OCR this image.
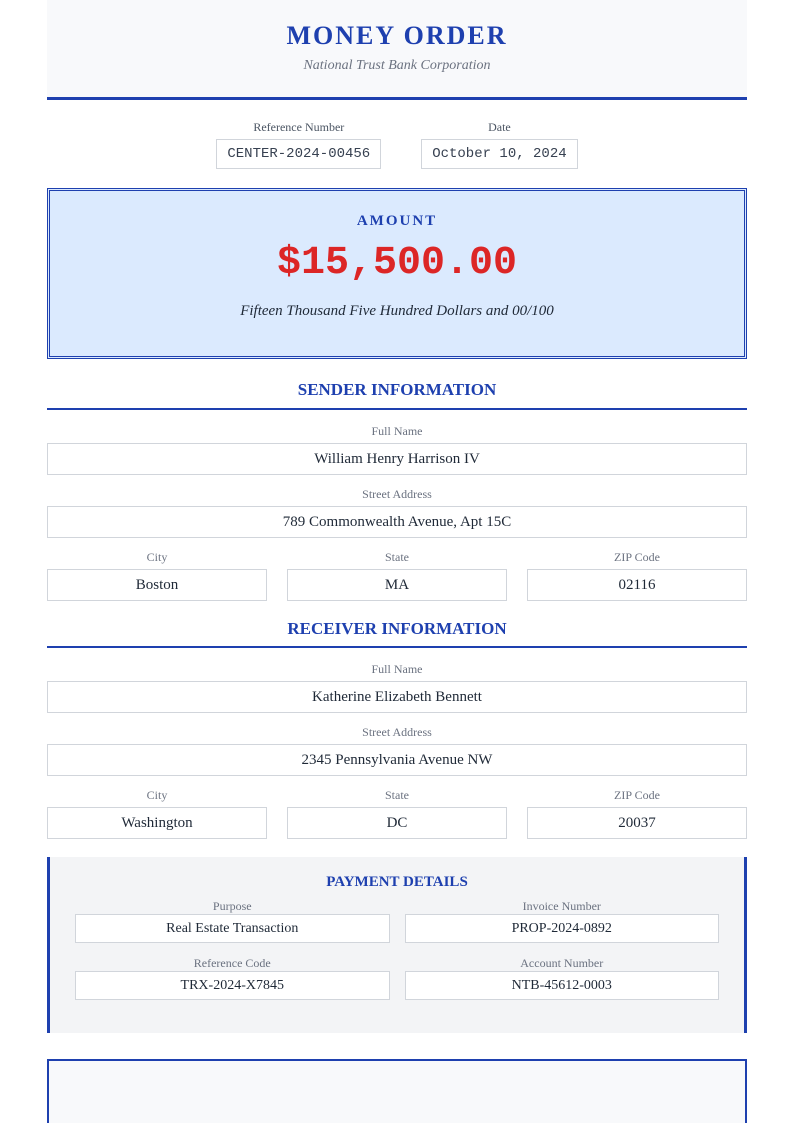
MONEY ORDER
National Trust Bank Corporation
Reference Number
CENTER-2024-00456
Date
October 10, 2024
AMOUNT
$15,500.00
Fifteen Thousand Five Hundred Dollars and 00/100
SENDER INFORMATION
Full Name
William Henry Harrison IV
Street Address
789 Commonwealth Avenue, Apt 15C
City
Boston
State
MA
ZIP Code
02116
RECEIVER INFORMATION
Full Name
Katherine Elizabeth Bennett
Street Address
2345 Pennsylvania Avenue NW
City
Washington
State
DC
ZIP Code
20037
PAYMENT DETAILS
Purpose
Real Estate Transaction
Invoice Number
PROP-2024-0892
Reference Code
TRX-2024-X7845
Account Number
NTB-45612-0003
